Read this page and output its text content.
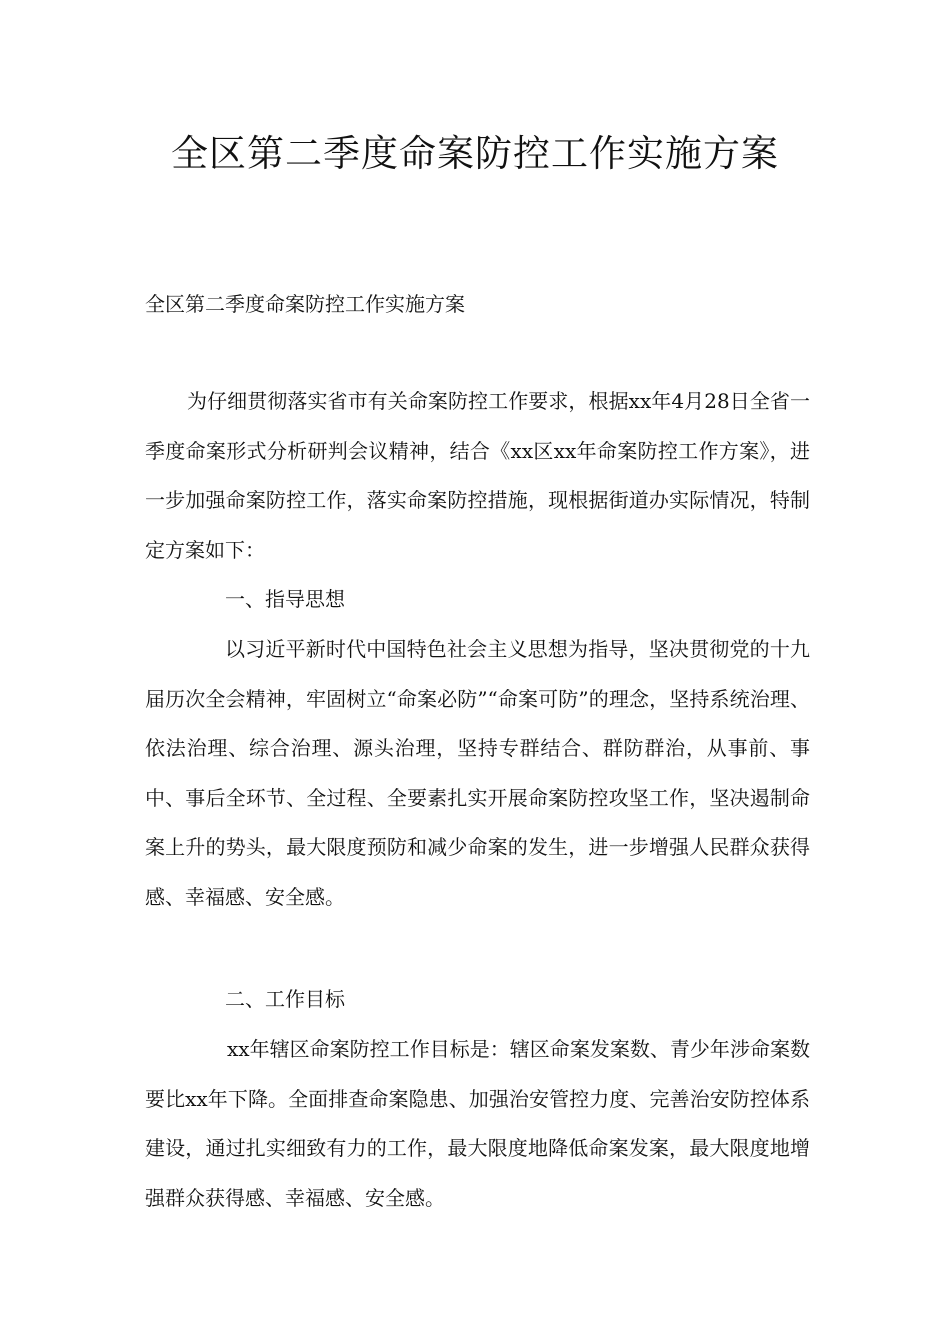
全区第二季度命案防控工作实施方案

全区第二季度命案防控工作实施方案

为仔细贯彻落实省市有关命案防控工作要求，根据xx年4月28日全省一季度命案形式分析研判会议精神，结合《xx区xx年命案防控工作方案》，进一步加强命案防控工作，落实命案防控措施，现根据街道办实际情况，特制定方案如下：

一、指导思想

以习近平新时代中国特色社会主义思想为指导，坚决贯彻党的十九届历次全会精神，牢固树立“命案必防”“命案可防”的理念，坚持系统治理、依法治理、综合治理、源头治理，坚持专群结合、群防群治，从事前、事中、事后全环节、全过程、全要素扎实开展命案防控攻坚工作，坚决遏制命案上升的势头，最大限度预防和减少命案的发生，进一步增强人民群众获得感、幸福感、安全感。

二、工作目标

xx年辖区命案防控工作目标是：辖区命案发案数、青少年涉命案数要比xx年下降。全面排查命案隐患、加强治安管控力度、完善治安防控体系建设，通过扎实细致有力的工作，最大限度地降低命案发案，最大限度地增强群众获得感、幸福感、安全感。
